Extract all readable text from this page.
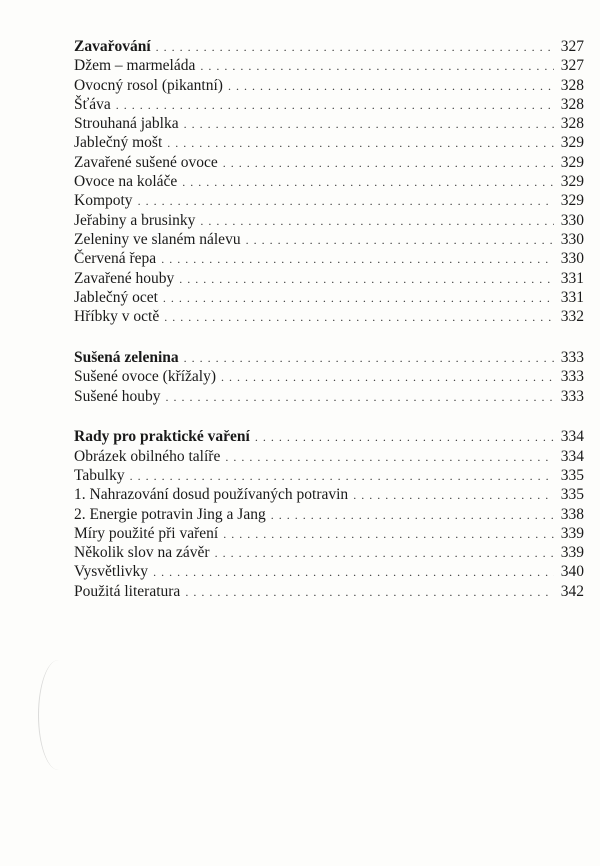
Zavařování . . .	327
Džem – marmeláda . . .	327
Ovocný rosol (pikantní) . . .	328
Šťáva . . .	328
Strouhaná jablka . . .	328
Jablečný mošt . . .	329
Zavařené sušené ovoce . . .	329
Ovoce na koláče . . .	329
Kompoty . . .	329
Jeřabiny a brusinky . . .	330
Zeleniny ve slaném nálevu . . .	330
Červená řepa . . .	330
Zavařené houby . . .	331
Jablečný ocet . . .	331
Hříbky v octě . . .	332
Sušená zelenina . . .	333
Sušené ovoce (křížaly) . . .	333
Sušené houby . . .	333
Rady pro praktické vaření . . .	334
Obrázek obilného talíře . . .	334
Tabulky . . .	335
1. Nahrazování dosud používaných potravin . . .	335
2. Energie potravin Jing a Jang . . .	338
Míry použité při vaření . . .	339
Několik slov na závěr . . .	339
Vysvětlivky . . .	340
Použitá literatura . . .	342
